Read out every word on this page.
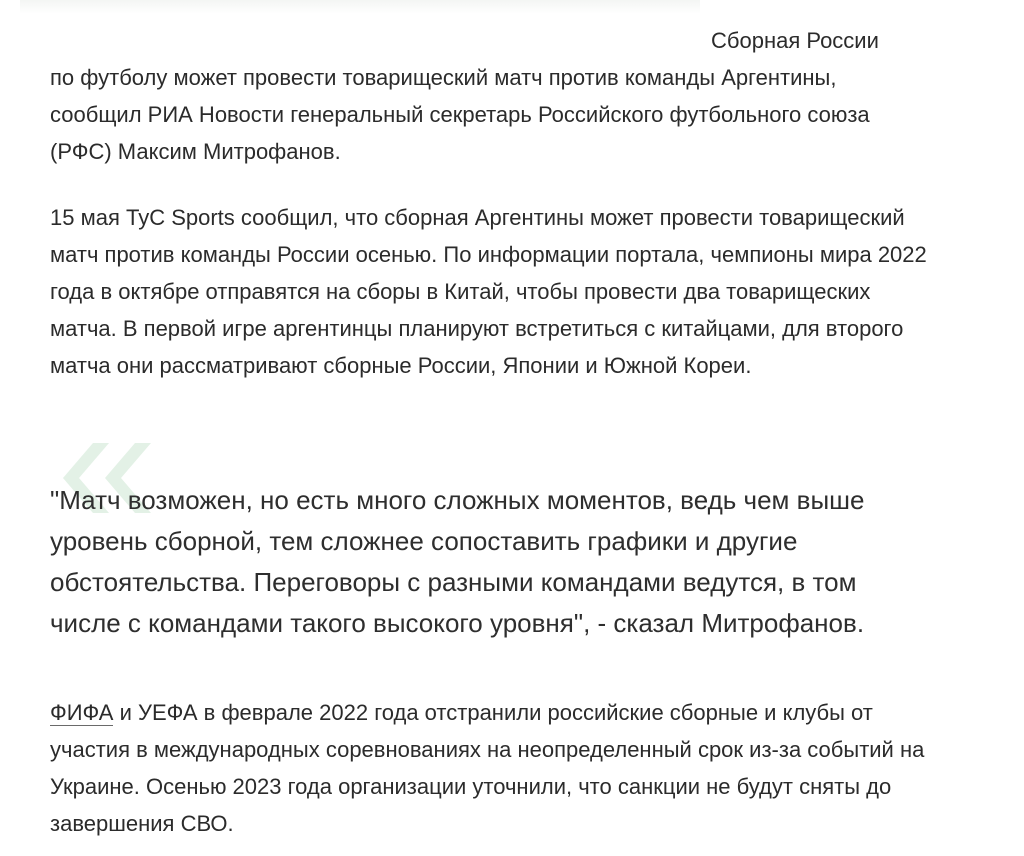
Сборная России
по футболу может провести товарищеский матч против команды Аргентины, сообщил РИА Новости генеральный секретарь Российского футбольного союза (РФС) Максим Митрофанов.

15 мая TyC Sports сообщил, что сборная Аргентины может провести товарищеский матч против команды России осенью. По информации портала, чемпионы мира 2022 года в октябре отправятся на сборы в Китай, чтобы провести два товарищеских матча. В первой игре аргентинцы планируют встретиться с китайцами, для второго матча они рассматривают сборные России, Японии и Южной Кореи.

"Матч возможен, но есть много сложных моментов, ведь чем выше уровень сборной, тем сложнее сопоставить графики и другие обстоятельства. Переговоры с разными командами ведутся, в том числе с командами такого высокого уровня", - сказал Митрофанов.

ФИФА и УЕФА в феврале 2022 года отстранили российские сборные и клубы от участия в международных соревнованиях на неопределенный срок из-за событий на Украине. Осенью 2023 года организации уточнили, что санкции не будут сняты до завершения СВО.
